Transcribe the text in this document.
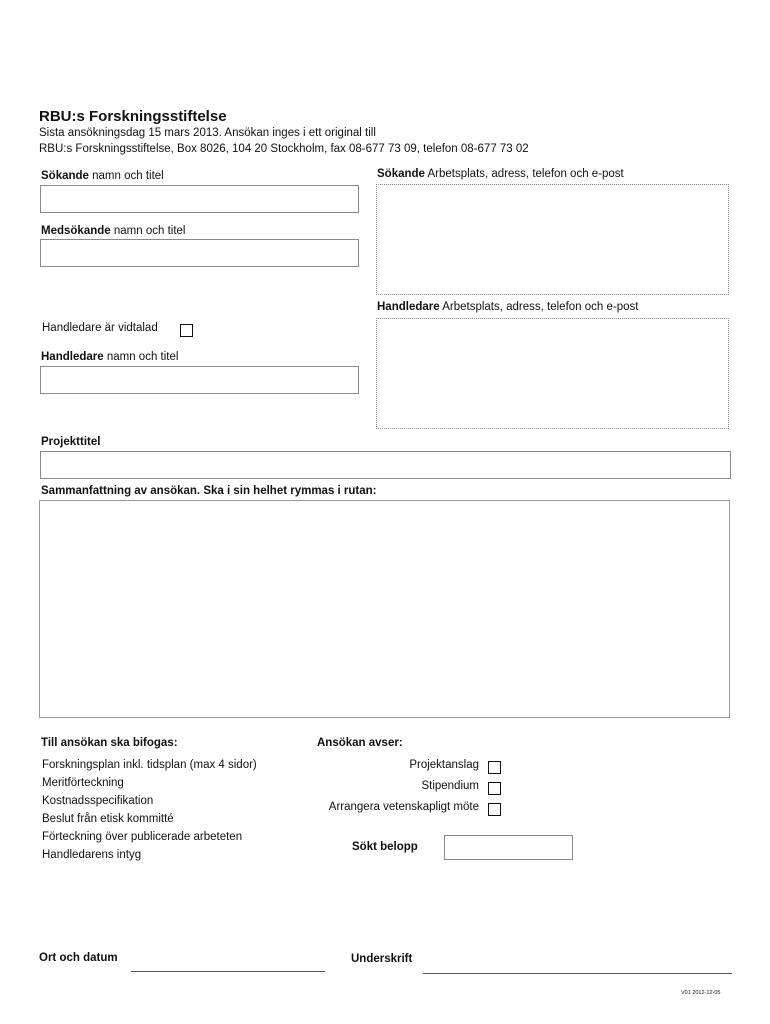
RBU:s Forskningsstiftelse
Sista ansökningsdag 15 mars 2013. Ansökan inges i ett original till
RBU:s Forskningsstiftelse, Box 8026, 104 20 Stockholm, fax 08-677 73 09, telefon 08-677 73 02
Sökande namn och titel	Sökande Arbetsplats, adress, telefon och e-post
Medsökande namn och titel
Handledare Arbetsplats, adress, telefon och e-post
Handledare är vidtalad
Handledare namn och titel
Projekttitel
Sammanfattning av ansökan. Ska i sin helhet rymmas i rutan:
Till ansökan ska bifogas:
Forskningsplan inkl. tidsplan (max 4 sidor)
Meritförteckning
Kostnadsspecifikation
Beslut från etisk kommitté
Förteckning över publicerade arbeteten
Handledarens intyg
Ansökan avser:
Projektanslag
Stipendium
Arrangera vetenskapligt möte
Sökt belopp
Ort och datum	Underskrift
V01 2012-12-05
